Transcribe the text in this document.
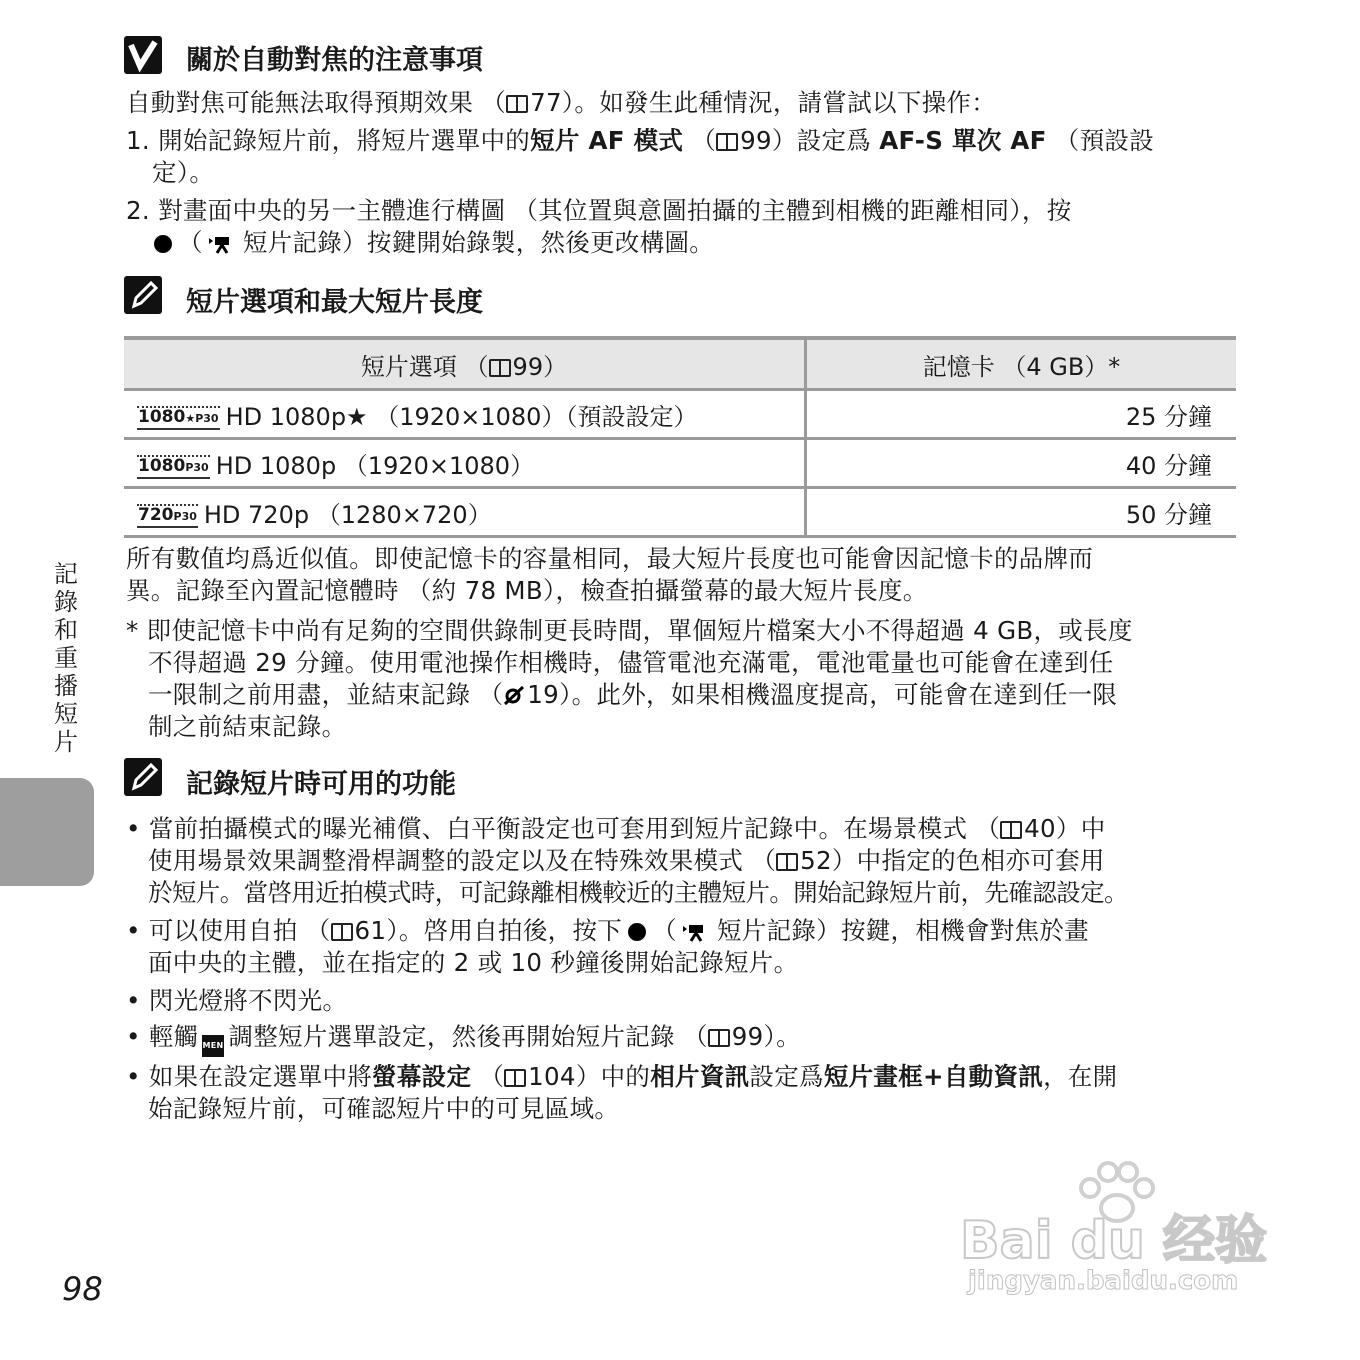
關於自動對焦的注意事項
自動對焦可能無法取得預期效果 （ 77）。如發生此種情況，請嘗試以下操作：
1. 開始記錄短片前，將短片選單中的短片 AF 模式 （ 99）設定爲 AF-S 單次 AF （預設設
定）。
2. 對畫面中央的另一主體進行構圖 （其位置與意圖拍攝的主體到相機的距離相同），按
（ 短片記錄）按鍵開始錄製，然後更改構圖。
短片選項和最大短片長度
短片選項 （ 99）	記憶卡 （4 GB）*
1080★P30 HD 1080p★ （1920×1080）（預設設定）	25 分鐘
1080P30 HD 1080p （1920×1080）	40 分鐘
720P30 HD 720p （1280×720）	50 分鐘
所有數值均爲近似值。即使記憶卡的容量相同，最大短片長度也可能會因記憶卡的品牌而
異。記錄至內置記憶體時 （約 78 MB），檢查拍攝螢幕的最大短片長度。
* 即使記憶卡中尚有足夠的空間供錄制更長時間，單個短片檔案大小不得超過 4 GB，或長度
不得超過 29 分鐘。使用電池操作相機時，儘管電池充滿電，電池電量也可能會在達到任
一限制之前用盡，並結束記錄 （ 19）。此外，如果相機溫度提高，可能會在達到任一限
制之前結束記錄。
記錄短片時可用的功能
• 當前拍攝模式的曝光補償、白平衡設定也可套用到短片記錄中。在場景模式 （ 40）中
使用場景效果調整滑桿調整的設定以及在特殊效果模式 （ 52）中指定的色相亦可套用
於短片。當啓用近拍模式時，可記錄離相機較近的主體短片。開始記錄短片前，先確認設定。
• 可以使用自拍 （ 61）。啓用自拍後，按下 （ 短片記錄）按鍵，相機會對焦於畫
面中央的主體，並在指定的 2 或 10 秒鐘後開始記錄短片。
• 閃光燈將不閃光。
• 輕觸 MENU調整短片選單設定，然後再開始短片記錄 （ 99）。
• 如果在設定選單中將螢幕設定 （ 104）中的相片資訊設定爲短片畫框+自動資訊，在開
始記錄短片前，可確認短片中的可見區域。
記錄和重播短片
98
Bai du 经验
jingyan.baidu.com
